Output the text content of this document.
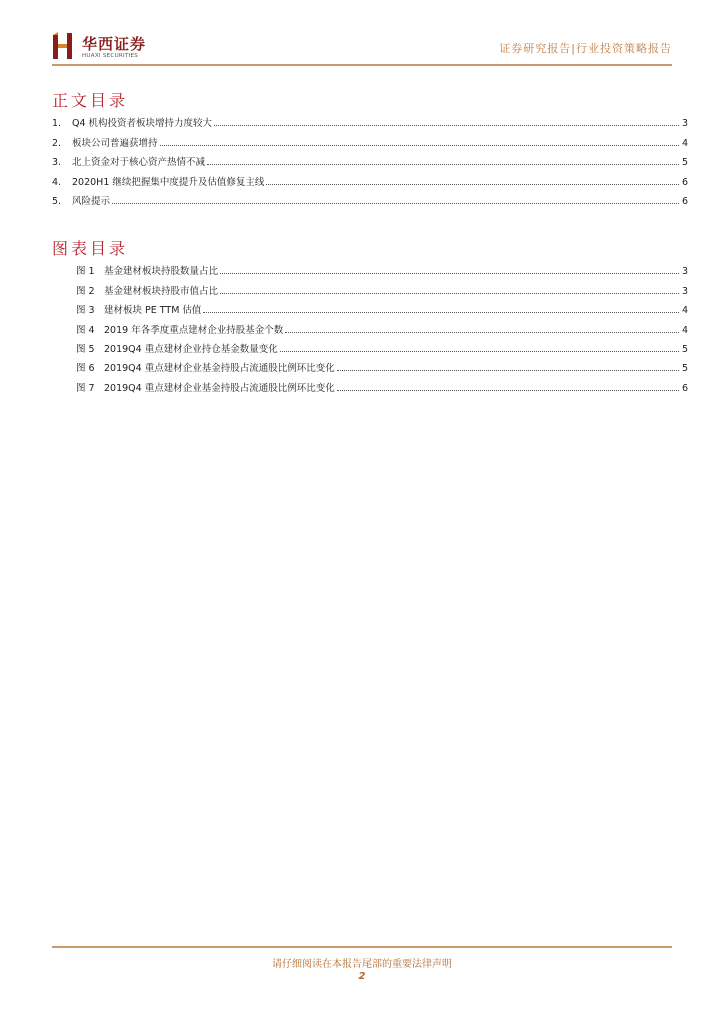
华西证券
HUAXI SECURITIES
证券研究报告|行业投资策略报告
正文目录
1. Q4 机构投资者板块增持力度较大	3
2. 板块公司普遍获增持	4
3. 北上资金对于核心资产热情不减	5
4. 2020H1 继续把握集中度提升及估值修复主线	6
5. 风险提示	6
图表目录
图 1 基金建材板块持股数量占比	3
图 2 基金建材板块持股市值占比	3
图 3 建材板块 PE TTM 估值	4
图 4 2019 年各季度重点建材企业持股基金个数	4
图 5 2019Q4 重点建材企业持仓基金数量变化	5
图 6 2019Q4 重点建材企业基金持股占流通股比例环比变化	5
图 7 2019Q4 重点建材企业基金持股占流通股比例环比变化	6
请仔细阅读在本报告尾部的重要法律声明
2
